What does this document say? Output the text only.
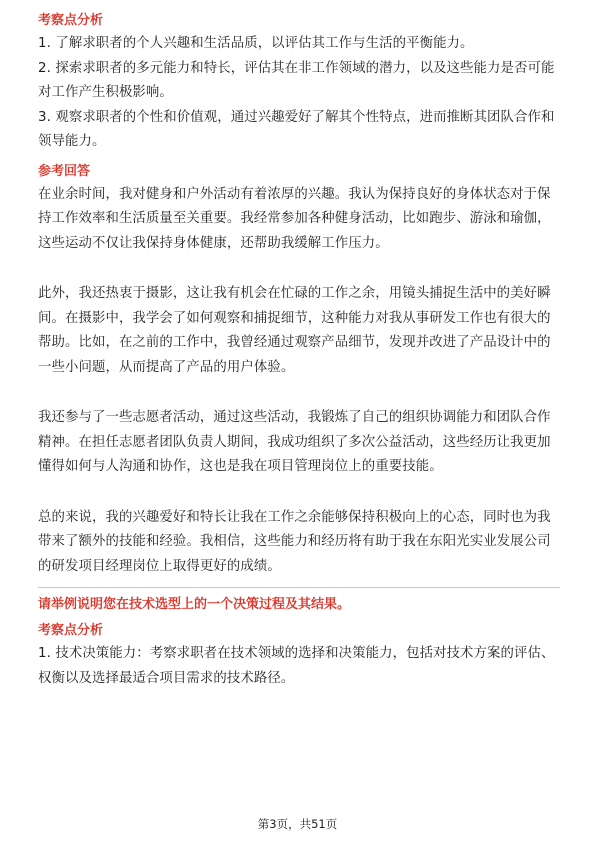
考察点分析

1. 了解求职者的个人兴趣和生活品质，以评估其工作与生活的平衡能力。

2. 探索求职者的多元能力和特长，评估其在非工作领域的潜力，以及这些能力是否可能对工作产生积极影响。

3. 观察求职者的个性和价值观，通过兴趣爱好了解其个性特点，进而推断其团队合作和领导能力。

参考回答

在业余时间，我对健身和户外活动有着浓厚的兴趣。我认为保持良好的身体状态对于保持工作效率和生活质量至关重要。我经常参加各种健身活动，比如跑步、游泳和瑜伽，这些运动不仅让我保持身体健康，还帮助我缓解工作压力。

此外，我还热衷于摄影，这让我有机会在忙碌的工作之余，用镜头捕捉生活中的美好瞬间。在摄影中，我学会了如何观察和捕捉细节，这种能力对我从事研发工作也有很大的帮助。比如，在之前的工作中，我曾经通过观察产品细节，发现并改进了产品设计中的一些小问题，从而提高了产品的用户体验。

我还参与了一些志愿者活动，通过这些活动，我锻炼了自己的组织协调能力和团队合作精神。在担任志愿者团队负责人期间，我成功组织了多次公益活动，这些经历让我更加懂得如何与人沟通和协作，这也是我在项目管理岗位上的重要技能。

总的来说，我的兴趣爱好和特长让我在工作之余能够保持积极向上的心态，同时也为我带来了额外的技能和经验。我相信，这些能力和经历将有助于我在东阳光实业发展公司的研发项目经理岗位上取得更好的成绩。

请举例说明您在技术选型上的一个决策过程及其结果。

考察点分析

1. 技术决策能力：考察求职者在技术领域的选择和决策能力，包括对技术方案的评估、权衡以及选择最适合项目需求的技术路径。

第3页，共51页
